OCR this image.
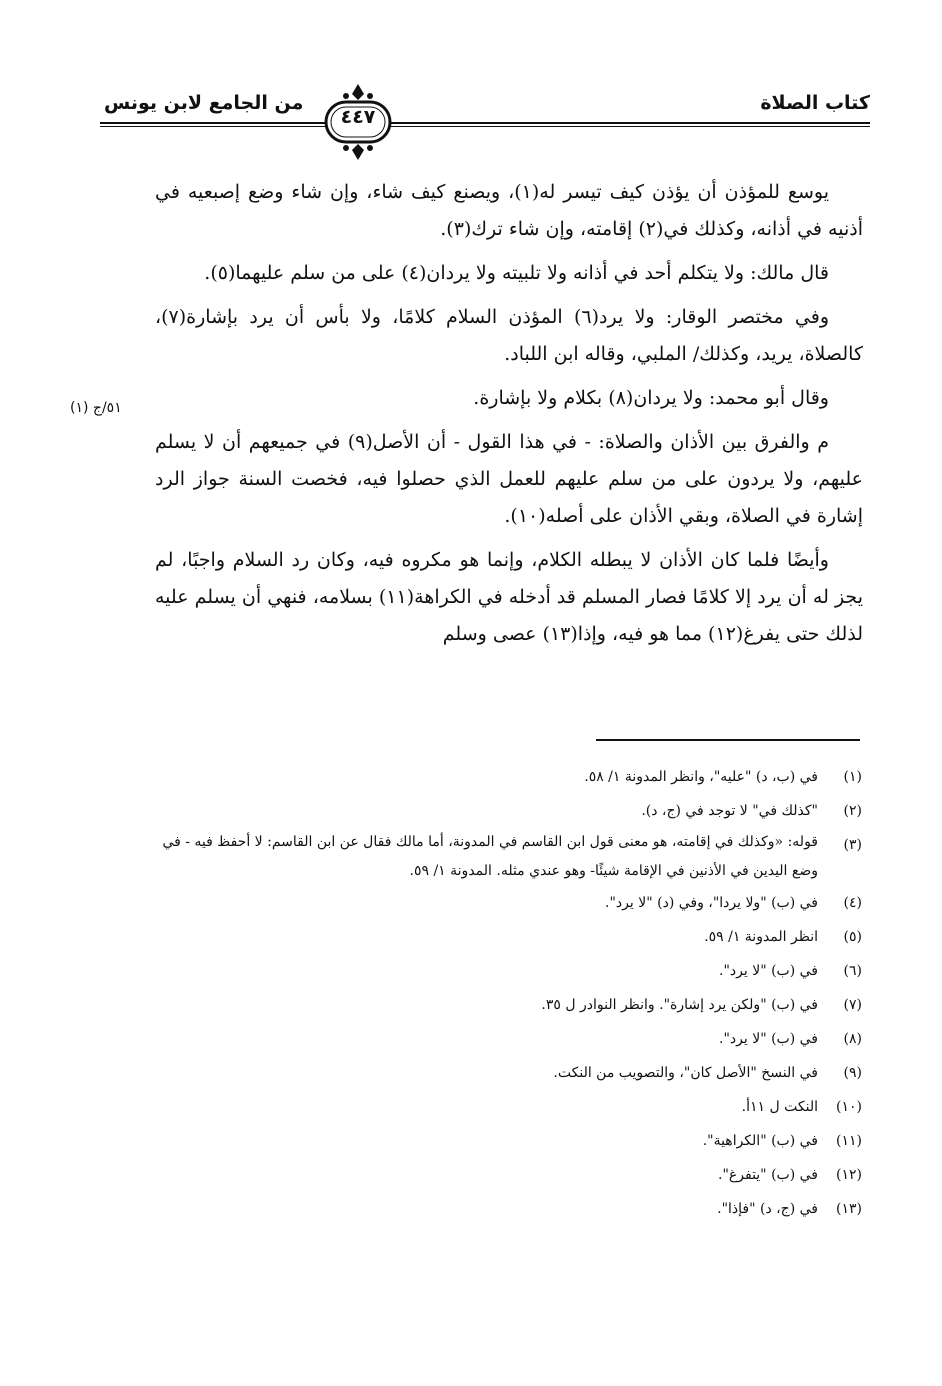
كتاب الصلاة
من الجامع لابن يونس
٤٤٧
٥١/ج (١)

يوسع للمؤذن أن يؤذن كيف تيسر له(١)، ويصنع كيف شاء، وإن شاء وضع إصبعيه في أذنيه في أذانه، وكذلك في(٢) إقامته، وإن شاء ترك(٣).

قال مالك: ولا يتكلم أحد في أذانه ولا تلبيته ولا يردان(٤) على من سلم عليهما(٥).

وفي مختصر الوقار: ولا يرد(٦) المؤذن السلام كلامًا، ولا بأس أن يرد بإشارة(٧)، كالصلاة، يريد، وكذلك/ الملبي، وقاله ابن اللباد.

وقال أبو محمد: ولا يردان(٨) بكلام ولا بإشارة.

م والفرق بين الأذان والصلاة: - في هذا القول - أن الأصل(٩) في جميعهم أن لا يسلم عليهم، ولا يردون على من سلم عليهم للعمل الذي حصلوا فيه، فخصت السنة جواز الرد إشارة في الصلاة، وبقي الأذان على أصله(١٠).

وأيضًا فلما كان الأذان لا يبطله الكلام، وإنما هو مكروه فيه، وكان رد السلام واجبًا، لم يجز له أن يرد إلا كلامًا فصار المسلم قد أدخله في الكراهة(١١) بسلامه، فنهي أن يسلم عليه لذلك حتى يفرغ(١٢) مما هو فيه، وإذا(١٣) عصى وسلم

(١)
في (ب، د) "عليه"، وانظر المدونة ١/ ٥٨.
(٢)
"كذلك في" لا توجد في (ج، د).
(٣)
قوله: «وكذلك في إقامته، هو معنى قول ابن القاسم في المدونة، أما مالك فقال عن ابن القاسم: لا أحفظ فيه - في وضع اليدين في الأذنين في الإقامة شيئًا- وهو عندي مثله. المدونة ١/ ٥٩.
(٤)
في (ب) "ولا يردا"، وفي (د) "لا يرد".
(٥)
انظر المدونة ١/ ٥٩.
(٦)
في (ب) "لا يرد".
(٧)
في (ب) "ولكن يرد إشارة". وانظر النوادر ل ٣٥.
(٨)
في (ب) "لا يرد".
(٩)
في النسخ "الأصل كان"، والتصويب من النكت.
(١٠)
النكت ل ١١أ.
(١١)
في (ب) "الكراهية".
(١٢)
في (ب) "يتفرغ".
(١٣)
في (ج، د) "فإذا".
